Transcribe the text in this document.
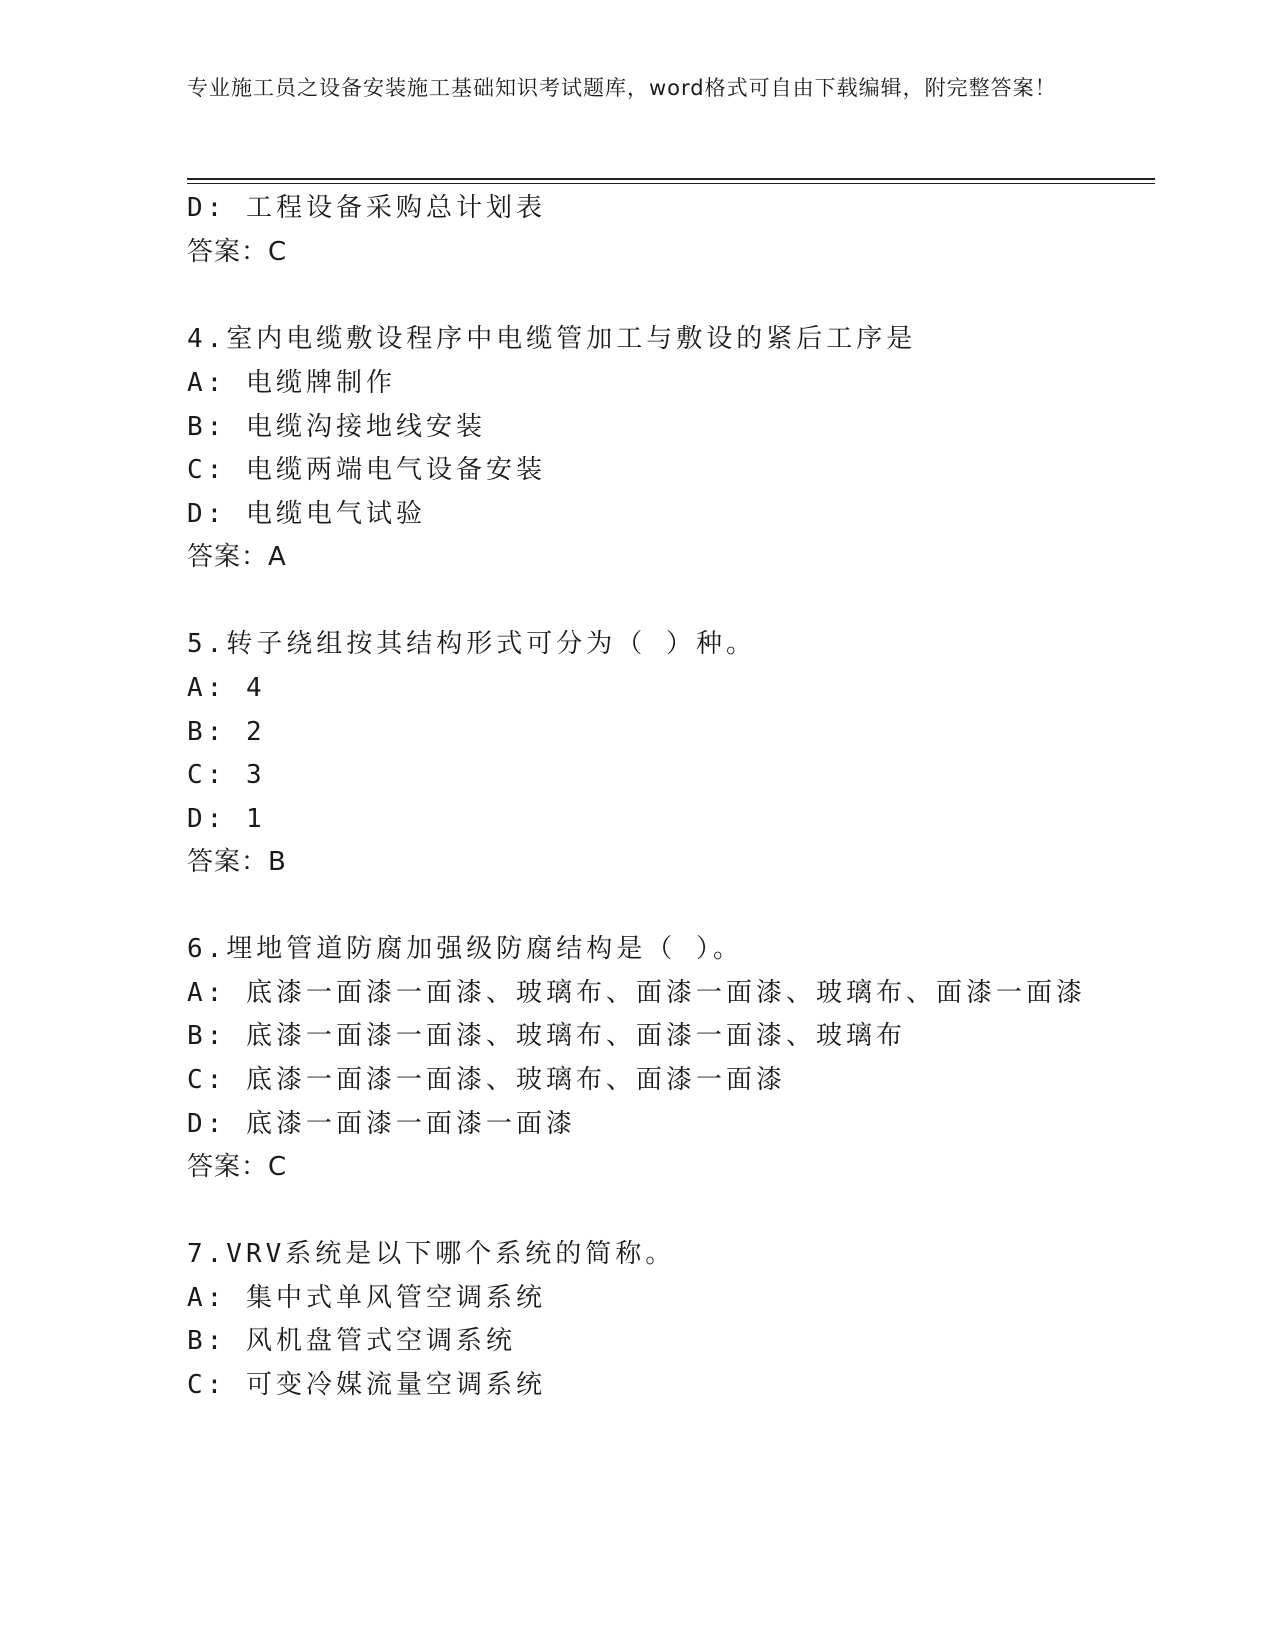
专业施工员之设备安装施工基础知识考试题库，word格式可自由下载编辑，附完整答案！
D: 工程设备采购总计划表
答案：C
4.室内电缆敷设程序中电缆管加工与敷设的紧后工序是
A: 电缆牌制作
B: 电缆沟接地线安装
C: 电缆两端电气设备安装
D: 电缆电气试验
答案：A
5.转子绕组按其结构形式可分为（ ）种。
A: 4
B: 2
C: 3
D: 1
答案：B
6.埋地管道防腐加强级防腐结构是（ ）。
A: 底漆一面漆一面漆、玻璃布、面漆一面漆、玻璃布、面漆一面漆
B: 底漆一面漆一面漆、玻璃布、面漆一面漆、玻璃布
C: 底漆一面漆一面漆、玻璃布、面漆一面漆
D: 底漆一面漆一面漆一面漆
答案：C
7.VRV系统是以下哪个系统的简称。
A: 集中式单风管空调系统
B: 风机盘管式空调系统
C: 可变冷媒流量空调系统
